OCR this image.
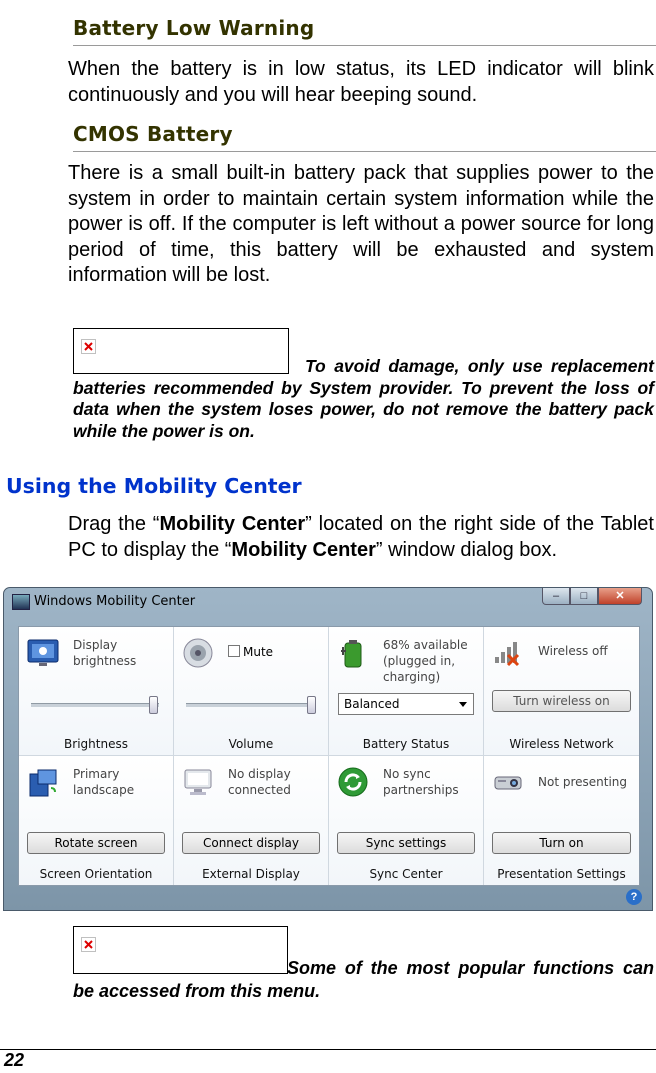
Battery Low Warning
When the battery is in low status, its LED indicator will blink continuously and you will hear beeping sound.
CMOS Battery
There is a small built-in battery pack that supplies power to the system in order to maintain certain system information while the power is off. If the computer is left without a power source for long period of time, this battery will be exhausted and system information will be lost.
To avoid damage, only use replacement batteries recommended by System provider. To prevent the loss of data when the system loses power, do not remove the battery pack while the power is on.
Using the Mobility Center
Drag the “Mobility Center” located on the right side of the Tablet PC to display the “Mobility Center” window dialog box.
Windows Mobility Center	–	□	✕
Display
brightness
Brightness
Mute
Volume
68% available
(plugged in,
charging)
Balanced
Battery Status
Wireless off
Turn wireless on
Wireless Network
Primary
landscape
Rotate screen
Screen Orientation
No display
connected
Connect display
External Display
No sync
partnerships
Sync settings
Sync Center
Not presenting
Turn on
Presentation Settings
?
Some of the most popular functions can be accessed from this menu.
22
